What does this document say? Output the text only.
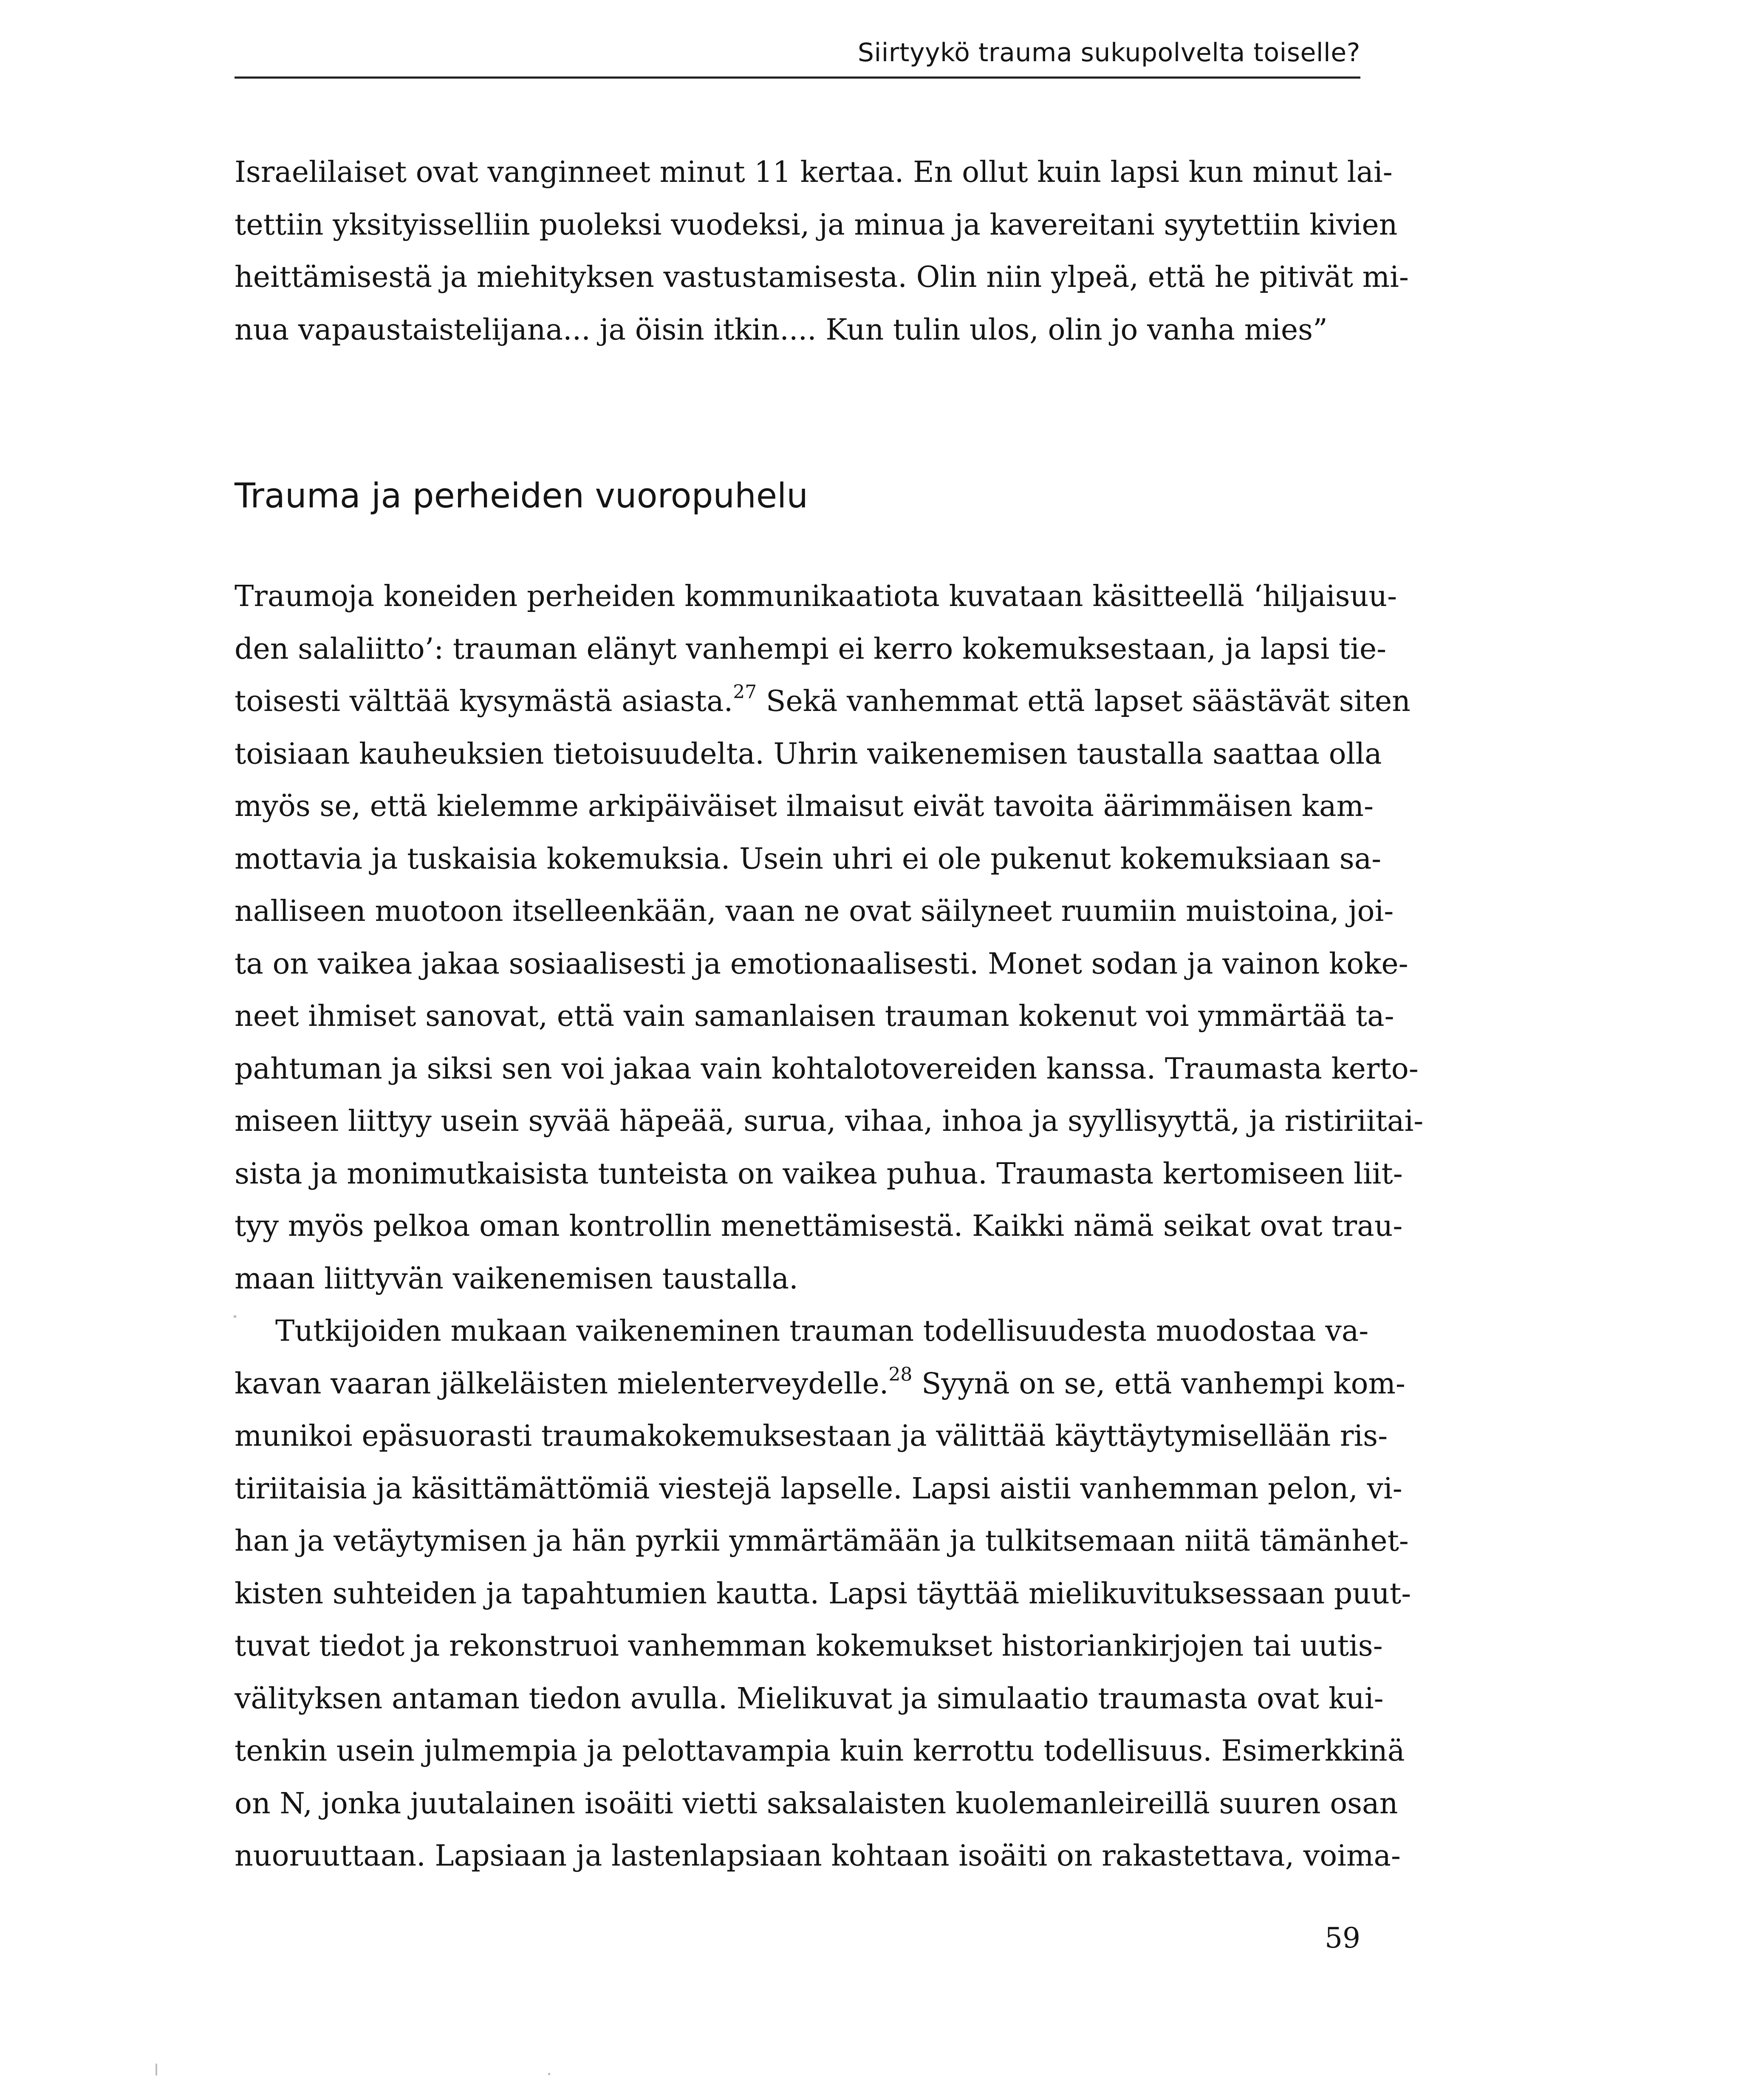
Siirtyykö trauma sukupolvelta toiselle?
Israelilaiset ovat vanginneet minut 11 kertaa. En ollut kuin lapsi kun minut lai-
tettiin yksityisselliin puoleksi vuodeksi, ja minua ja kavereitani syytettiin kivien
heittämisestä ja miehityksen vastustamisesta. Olin niin ylpeä, että he pitivät mi-
nua vapaustaistelijana... ja öisin itkin.... Kun tulin ulos, olin jo vanha mies”
Trauma ja perheiden vuoropuhelu
Traumoja koneiden perheiden kommunikaatiota kuvataan käsitteellä ‘hiljaisuu-
den salaliitto’: trauman elänyt vanhempi ei kerro kokemuksestaan, ja lapsi tie-
toisesti välttää kysymästä asiasta.$^{27}$ Sekä vanhemmat että lapset säästävät siten
toisiaan kauheuksien tietoisuudelta. Uhrin vaikenemisen taustalla saattaa olla
myös se, että kielemme arkipäiväiset ilmaisut eivät tavoita äärimmäisen kam-
mottavia ja tuskaisia kokemuksia. Usein uhri ei ole pukenut kokemuksiaan sa-
nalliseen muotoon itselleenkään, vaan ne ovat säilyneet ruumiin muistoina, joi-
ta on vaikea jakaa sosiaalisesti ja emotionaalisesti. Monet sodan ja vainon koke-
neet ihmiset sanovat, että vain samanlaisen trauman kokenut voi ymmärtää ta-
pahtuman ja siksi sen voi jakaa vain kohtalotovereiden kanssa. Traumasta kerto-
miseen liittyy usein syvää häpeää, surua, vihaa, inhoa ja syyllisyyttä, ja ristiriitai-
sista ja monimutkaisista tunteista on vaikea puhua. Traumasta kertomiseen liit-
tyy myös pelkoa oman kontrollin menettämisestä. Kaikki nämä seikat ovat trau-
maan liittyvän vaikenemisen taustalla.
Tutkijoiden mukaan vaikeneminen trauman todellisuudesta muodostaa va-
kavan vaaran jälkeläisten mielenterveydelle.$^{28}$ Syynä on se, että vanhempi kom-
munikoi epäsuorasti traumakokemuksestaan ja välittää käyttäytymisellään ris-
tiriitaisia ja käsittämättömiä viestejä lapselle. Lapsi aistii vanhemman pelon, vi-
han ja vetäytymisen ja hän pyrkii ymmärtämään ja tulkitsemaan niitä tämänhet-
kisten suhteiden ja tapahtumien kautta. Lapsi täyttää mielikuvituksessaan puut-
tuvat tiedot ja rekonstruoi vanhemman kokemukset historiankirjojen tai uutis-
välityksen antaman tiedon avulla. Mielikuvat ja simulaatio traumasta ovat kui-
tenkin usein julmempia ja pelottavampia kuin kerrottu todellisuus. Esimerkkinä
on N, jonka juutalainen isoäiti vietti saksalaisten kuolemanleireillä suuren osan
nuoruuttaan. Lapsiaan ja lastenlapsiaan kohtaan isoäiti on rakastettava, voima-
59
